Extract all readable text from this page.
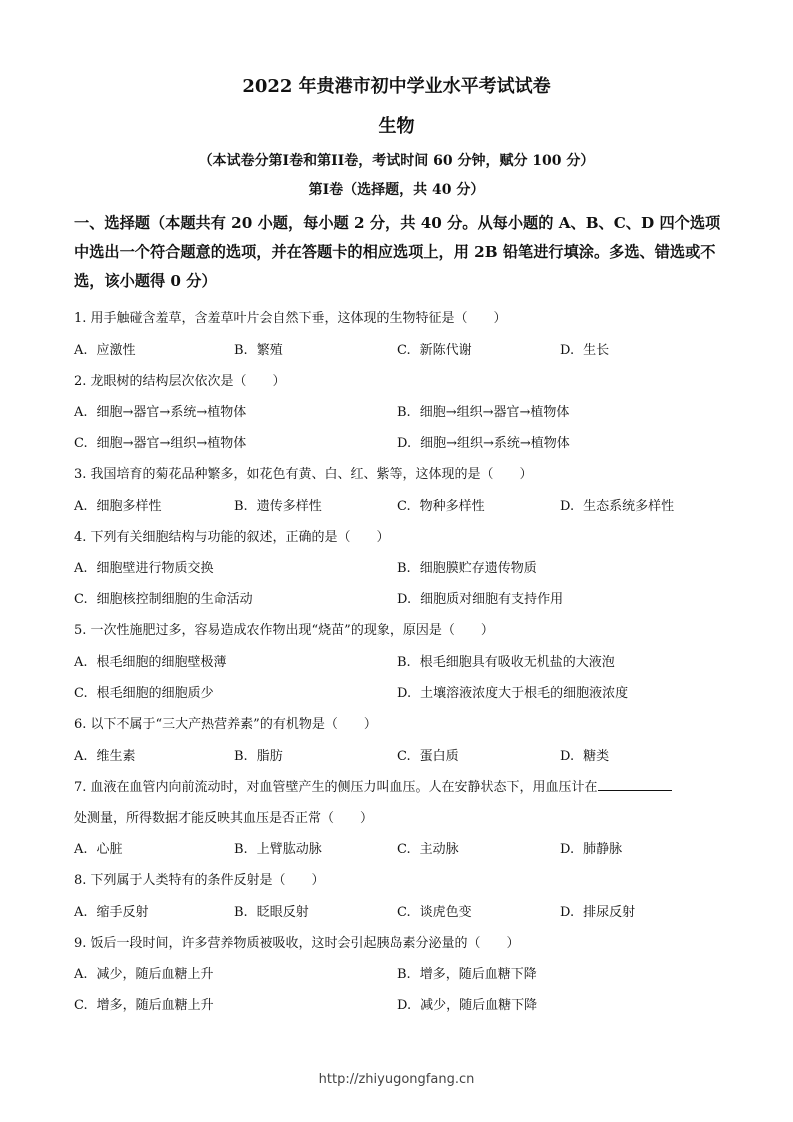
2022 年贵港市初中学业水平考试试卷
生物
（本试卷分第I卷和第II卷，考试时间 60 分钟，赋分 100 分）
第I卷（选择题，共 40 分）
一、选择题（本题共有 20 小题，每小题 2 分，共 40 分。从每小题的 A、B、C、D 四个选项中选出一个符合题意的选项，并在答题卡的相应选项上，用 2B 铅笔进行填涂。多选、错选或不选，该小题得 0 分）
1. 用手触碰含羞草，含羞草叶片会自然下垂，这体现的生物特征是（　　）
A. 应激性	B. 繁殖	C. 新陈代谢	D. 生长
2. 龙眼树的结构层次依次是（　　）
A. 细胞→器官→系统→植物体	B. 细胞→组织→器官→植物体
C. 细胞→器官→组织→植物体	D. 细胞→组织→系统→植物体
3. 我国培育的菊花品种繁多，如花色有黄、白、红、紫等，这体现的是（　　）
A. 细胞多样性	B. 遗传多样性	C. 物种多样性	D. 生态系统多样性
4. 下列有关细胞结构与功能的叙述，正确的是（　　）
A. 细胞壁进行物质交换	B. 细胞膜贮存遗传物质
C. 细胞核控制细胞的生命活动	D. 细胞质对细胞有支持作用
5. 一次性施肥过多，容易造成农作物出现“烧苗”的现象，原因是（　　）
A. 根毛细胞的细胞壁极薄	B. 根毛细胞具有吸收无机盐的大液泡
C. 根毛细胞的细胞质少	D. 土壤溶液浓度大于根毛的细胞液浓度
6. 以下不属于“三大产热营养素”的有机物是（　　）
A. 维生素	B. 脂肪	C. 蛋白质	D. 糖类
7. 血液在血管内向前流动时，对血管壁产生的侧压力叫血压。人在安静状态下，用血压计在
处测量，所得数据才能反映其血压是否正常（　　）
A. 心脏	B. 上臂肱动脉	C. 主动脉	D. 肺静脉
8. 下列属于人类特有的条件反射是（　　）
A. 缩手反射	B. 眨眼反射	C. 谈虎色变	D. 排尿反射
9. 饭后一段时间，许多营养物质被吸收，这时会引起胰岛素分泌量的（　　）
A. 减少，随后血糖上升	B. 增多，随后血糖下降
C. 增多，随后血糖上升	D. 减少，随后血糖下降
http://zhiyugongfang.cn
